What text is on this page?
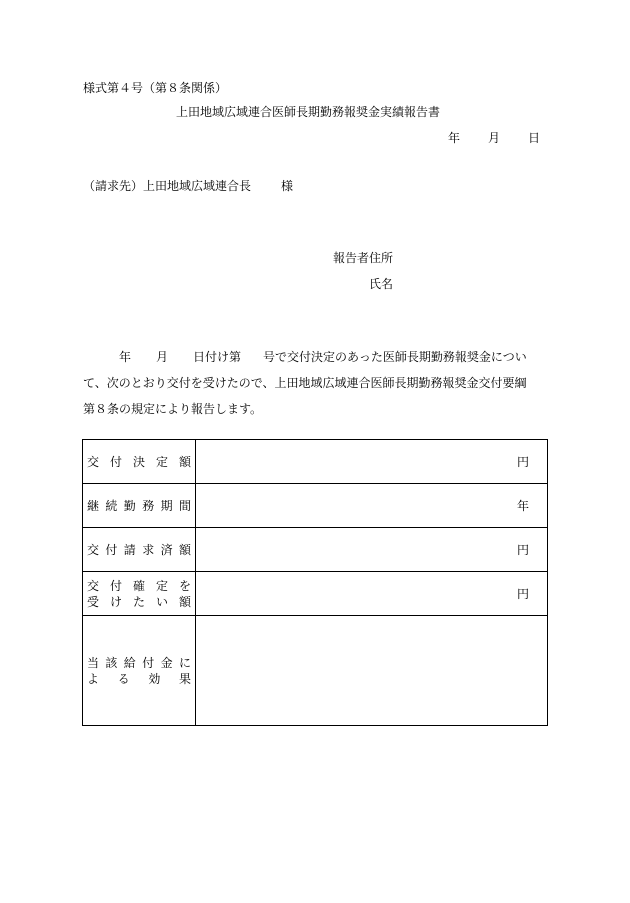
様式第４号（第８条関係）
上田地域広域連合医師長期勤務報奨金実績報告書
年 月 日
（請求先）上田地域広域連合長	様
報告者住所
氏名
年 月 日付け第 号で交付決定のあった医師長期勤務報奨金につい
て、次のとおり交付を受けたので、上田地域広域連合医師長期勤務報奨金交付要綱
第８条の規定により報告します。
交付決定額	円

継続勤務期間	年

交付請求済額	円

交付確定を
受けたい額	円

当該給付金に
よる効果	
